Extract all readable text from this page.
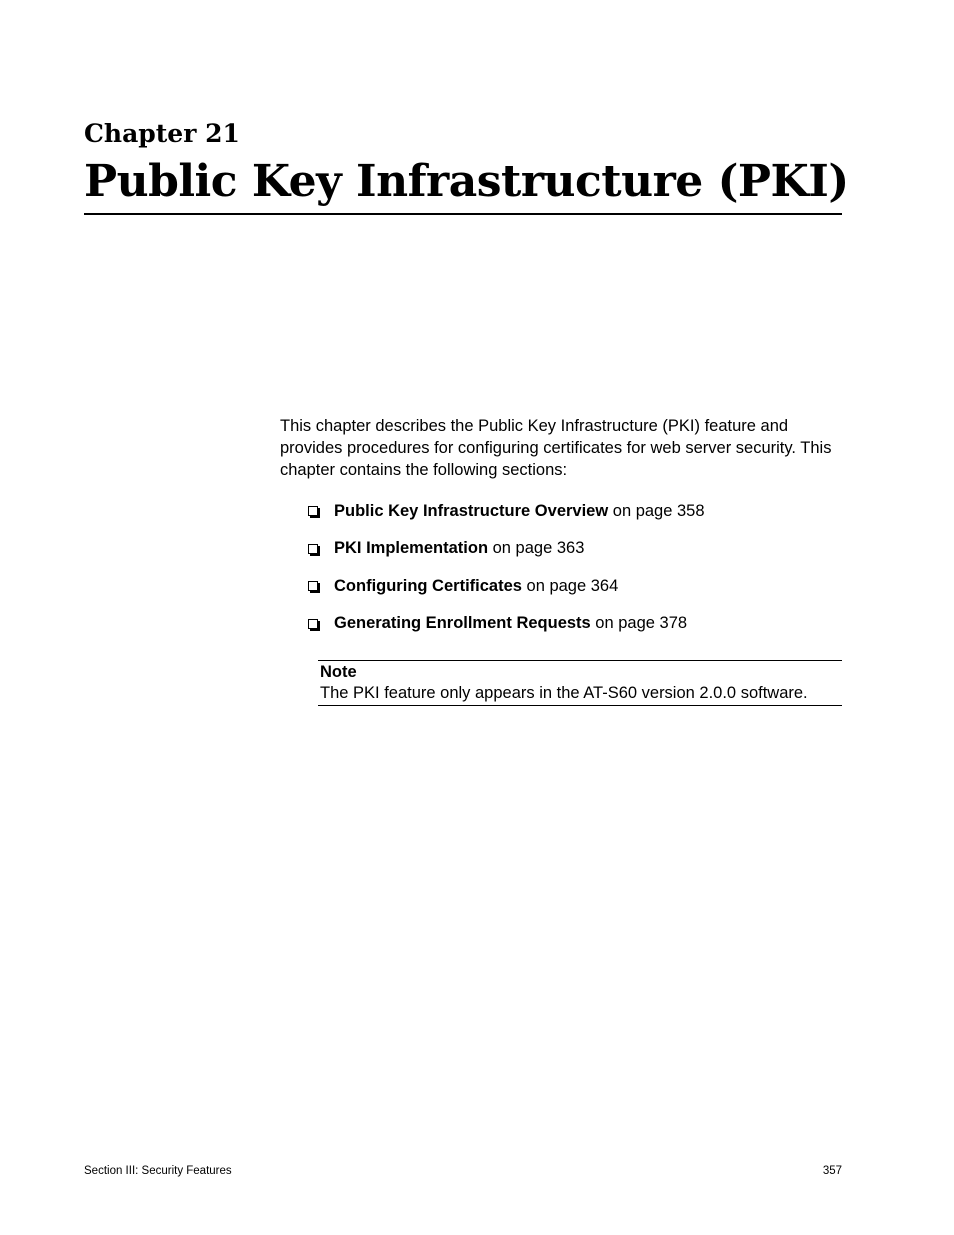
Chapter 21
Public Key Infrastructure (PKI)

This chapter describes the Public Key Infrastructure (PKI) feature and provides procedures for configuring certificates for web server security. This chapter contains the following sections:

Public Key Infrastructure Overview on page 358
PKI Implementation on page 363
Configuring Certificates on page 364
Generating Enrollment Requests on page 378
Note
The PKI feature only appears in the AT-S60 version 2.0.0 software.
Section III: Security Features	357
